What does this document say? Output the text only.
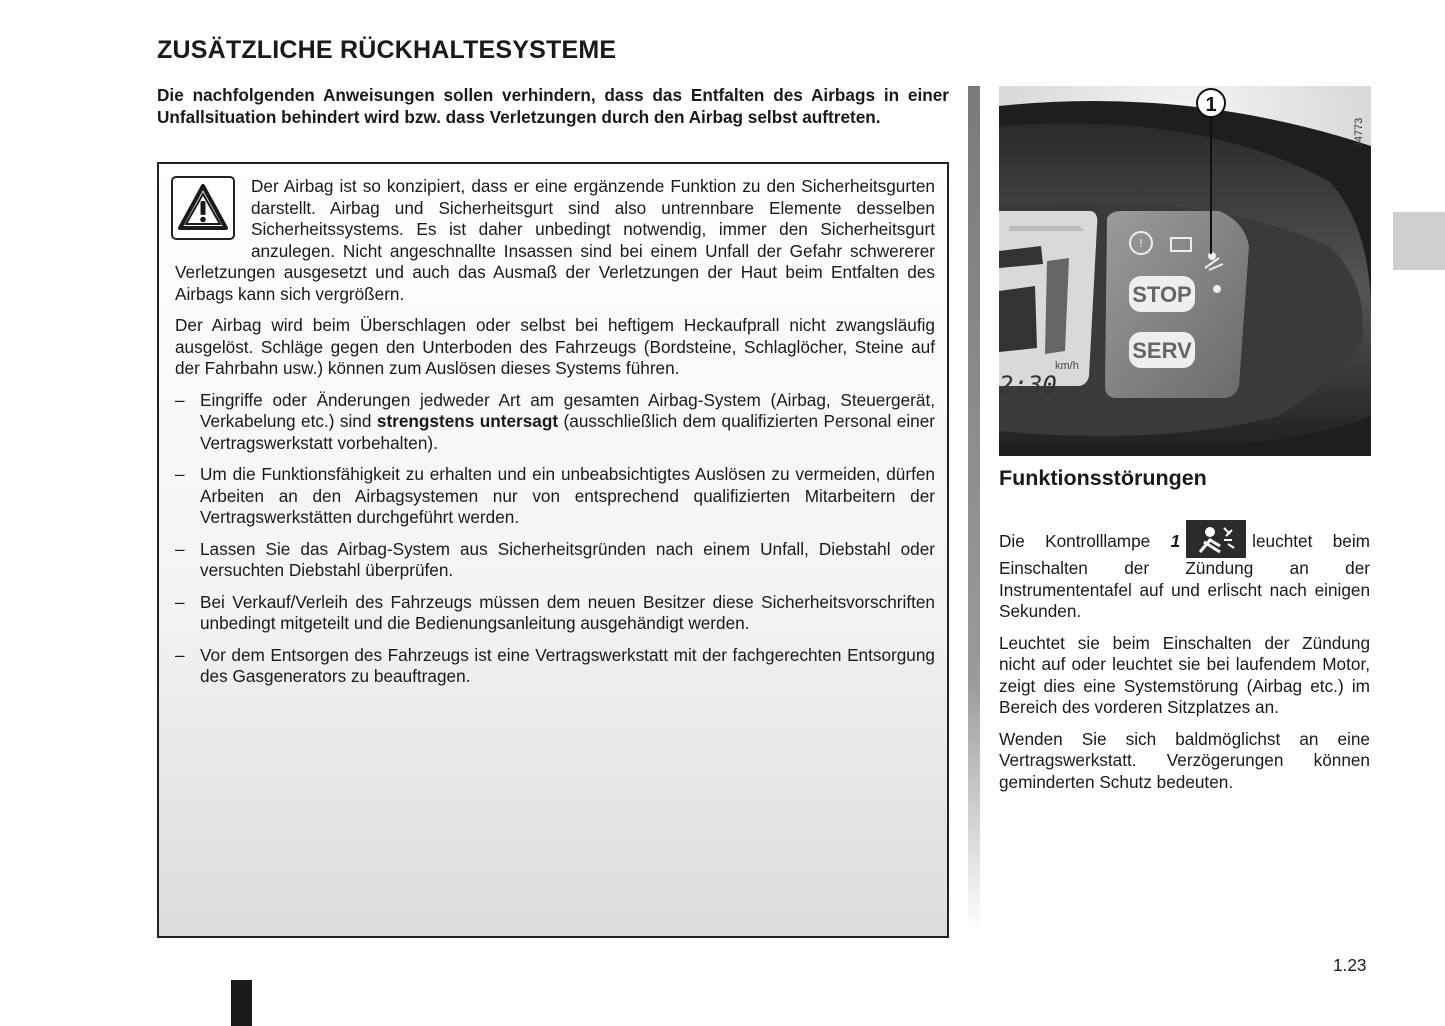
ZUSÄTZLICHE RÜCKHALTESYSTEME

Die nachfolgenden Anweisungen sollen verhindern, dass das Entfalten des Airbags in einer Unfallsituation behindert wird bzw. dass Verletzungen durch den Airbag selbst auftreten.

Der Airbag ist so konzipiert, dass er eine ergänzende Funktion zu den Sicherheitsgurten darstellt. Airbag und Sicherheitsgurt sind also untrennbare Elemente desselben Sicherheitssystems. Es ist daher unbedingt notwendig, immer den Sicherheitsgurt anzulegen. Nicht angeschnallte Insassen sind bei einem Unfall der Gefahr schwererer Verletzungen ausgesetzt und auch das Ausmaß der Verletzungen der Haut beim Entfalten des Airbags kann sich vergrößern.

Der Airbag wird beim Überschlagen oder selbst bei heftigem Heckaufprall nicht zwangsläufig ausgelöst. Schläge gegen den Unterboden des Fahrzeugs (Bordsteine, Schlaglöcher, Steine auf der Fahrbahn usw.) können zum Auslösen dieses Systems führen.

– Eingriffe oder Änderungen jedweder Art am gesamten Airbag-System (Airbag, Steuergerät, Verkabelung etc.) sind strengstens untersagt (ausschließlich dem qualifizierten Personal einer Vertragswerkstatt vorbehalten).
– Um die Funktionsfähigkeit zu erhalten und ein unbeabsichtigtes Auslösen zu vermeiden, dürfen Arbeiten an den Airbagsystemen nur von entsprechend qualifizierten Mitarbeitern der Vertragswerkstätten durchgeführt werden.
– Lassen Sie das Airbag-System aus Sicherheitsgründen nach einem Unfall, Diebstahl oder versuchten Diebstahl überprüfen.
– Bei Verkauf/Verleih des Fahrzeugs müssen dem neuen Besitzer diese Sicherheitsvorschriften unbedingt mitgeteilt und die Bedienungsanleitung ausgehändigt werden.
– Vor dem Entsorgen des Fahrzeugs ist eine Vertragswerkstatt mit der fachgerechten Entsorgung des Gasgenerators zu beauftragen.
!
STOP
SERV
km/h
2:30
1
34773
Funktionsstörungen

Die Kontrolllampe 1	leuchtet beim Einschalten der Zündung an der Instrumententafel auf und erlischt nach einigen Sekunden.

Leuchtet sie beim Einschalten der Zündung nicht auf oder leuchtet sie bei laufendem Motor, zeigt dies eine Systemstörung (Airbag etc.) im Bereich des vorderen Sitzplatzes an.

Wenden Sie sich baldmöglichst an eine Vertragswerkstatt. Verzögerungen können geminderten Schutz bedeuten.

1.23
